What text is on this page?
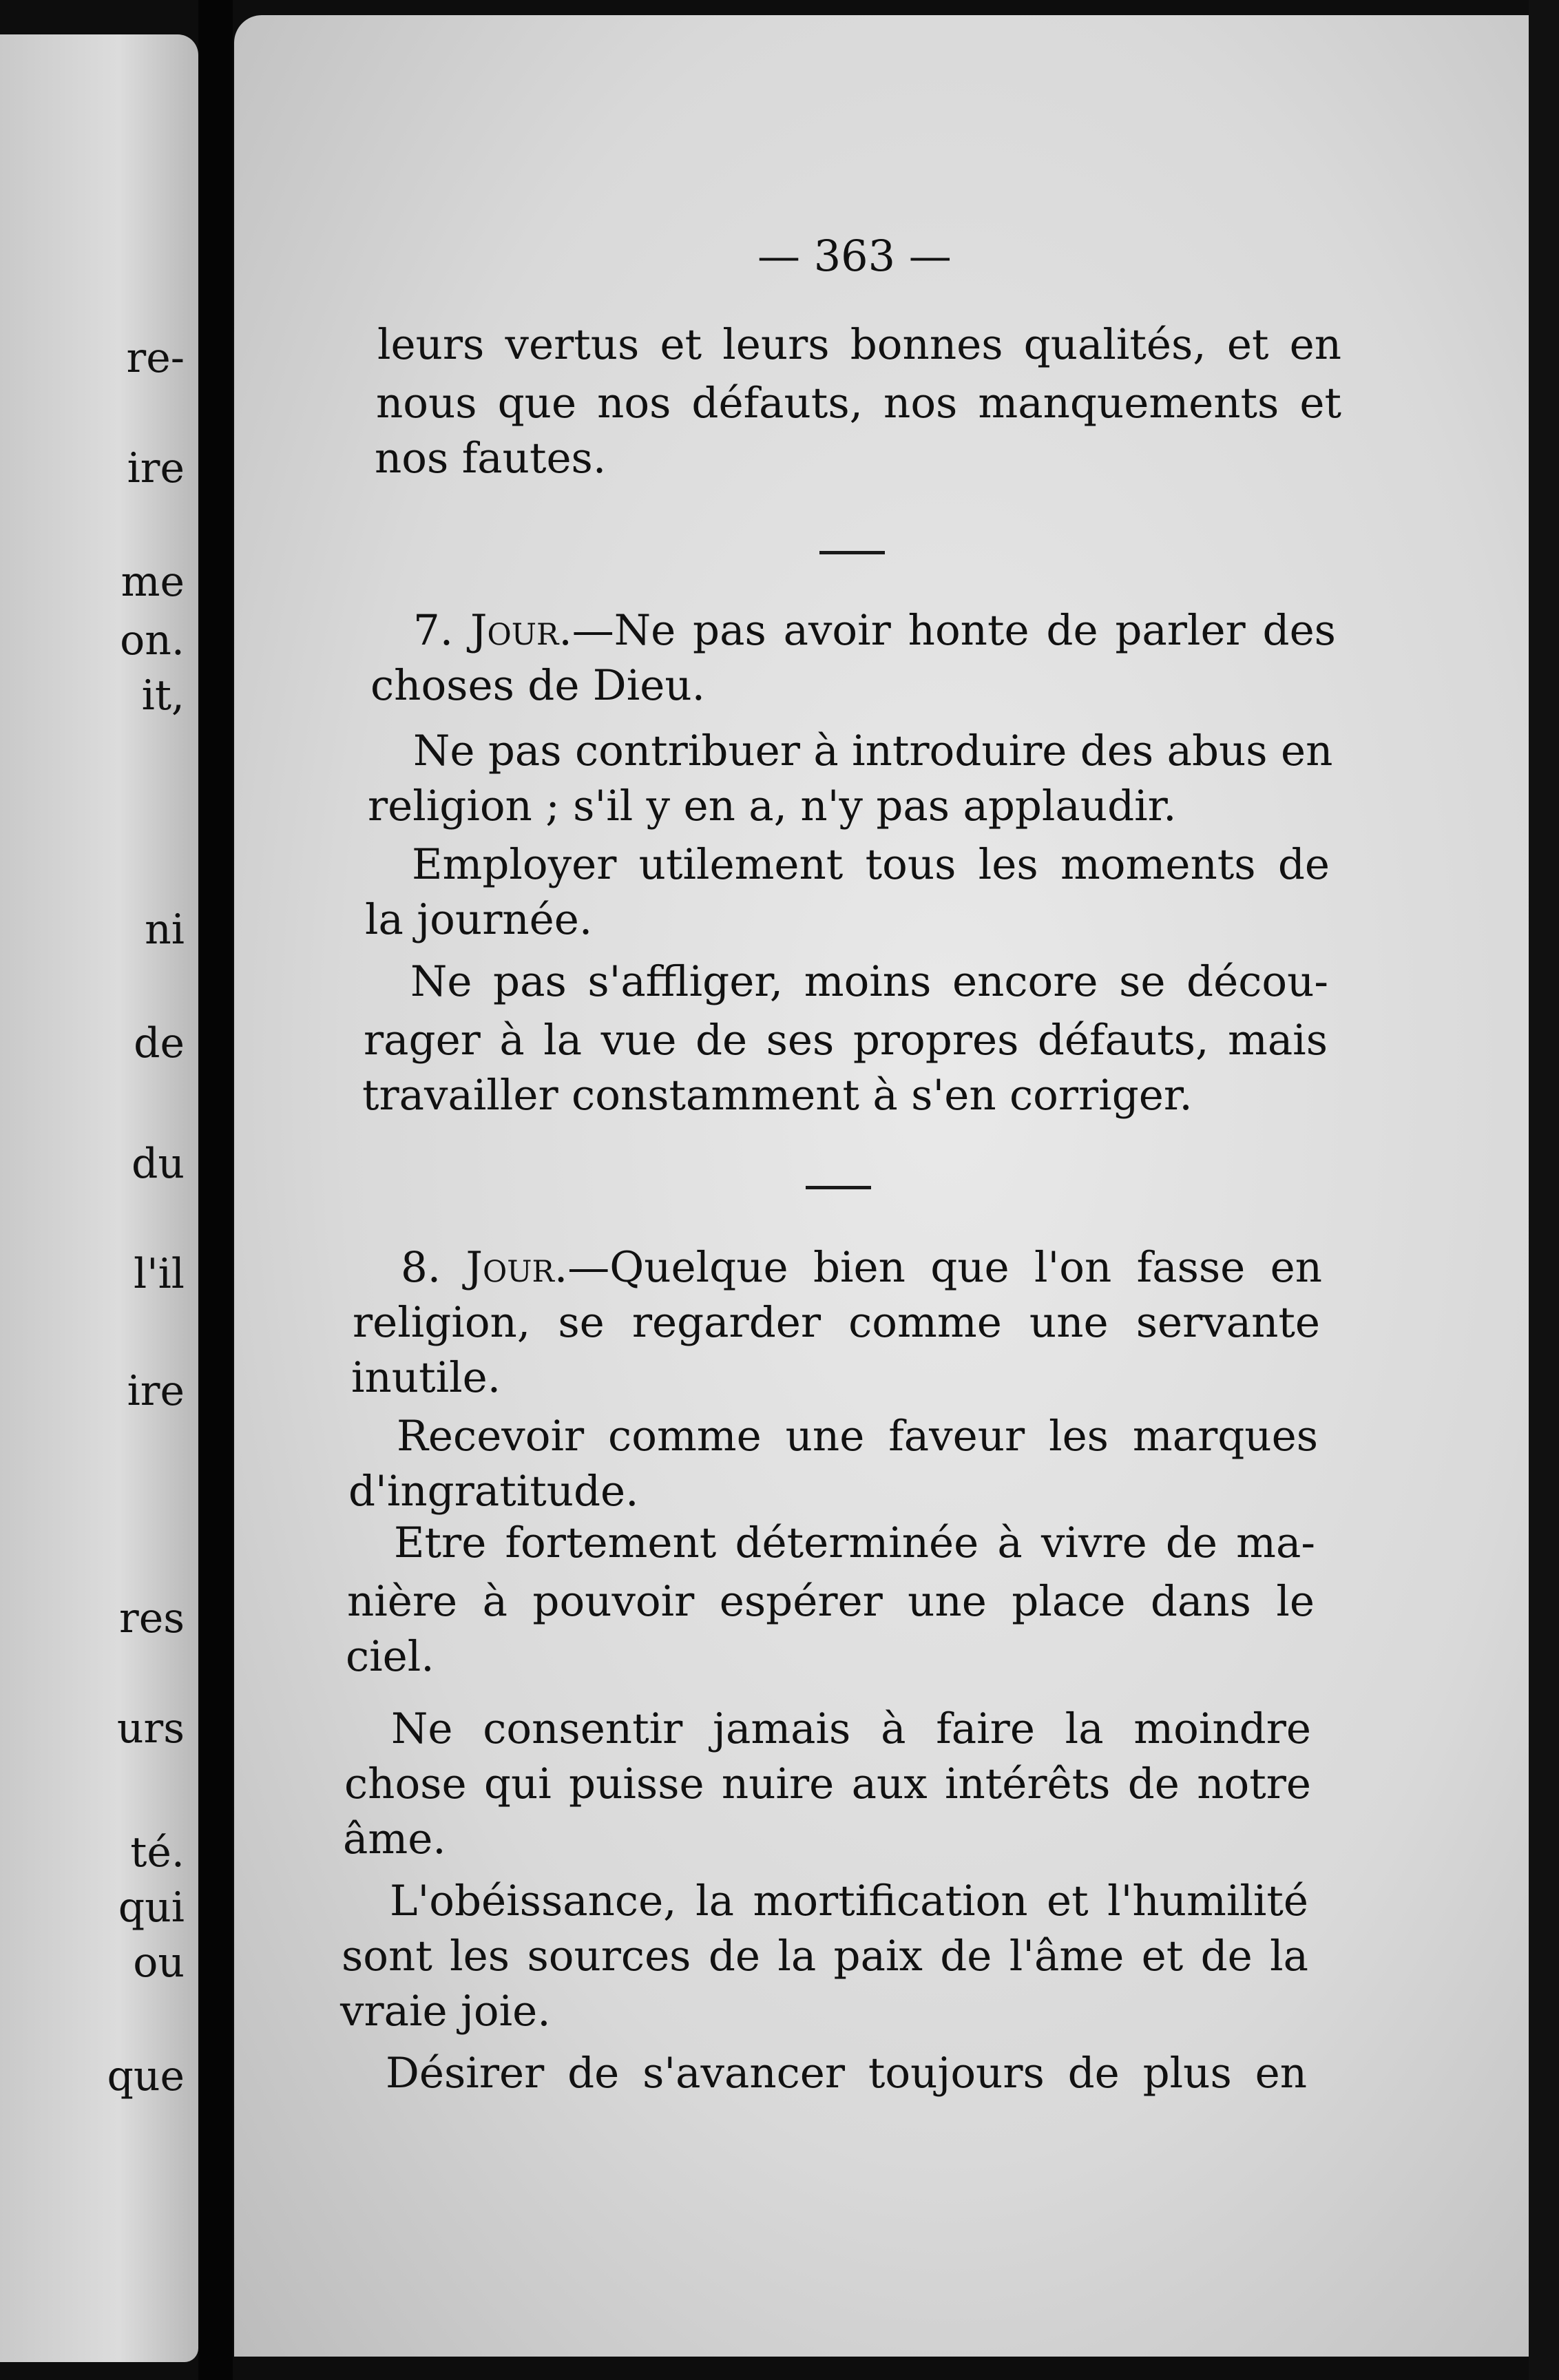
re-
ire
me
on.
it,
ni
de
du
l'il
ire
res
urs
té.
qui
ou
que
— 363 —
leurs vertus et leurs bonnes qualités, et en
nous que nos défauts, nos manquements et
nos fautes.
7. Jour.—Ne pas avoir honte de parler des
choses de Dieu.
Ne pas contribuer à introduire des abus en
religion ; s'il y en a, n'y pas applaudir.
Employer utilement tous les moments de
la journée.
Ne pas s'affliger, moins encore se décou-
rager à la vue de ses propres défauts, mais
travailler constamment à s'en corriger.
8. Jour.—Quelque bien que l'on fasse en
religion, se regarder comme une servante
inutile.
Recevoir comme une faveur les marques
d'ingratitude.
Etre fortement déterminée à vivre de ma-
nière à pouvoir espérer une place dans le
ciel.
Ne consentir jamais à faire la moindre
chose qui puisse nuire aux intérêts de notre
âme.
L'obéissance, la mortification et l'humilité
sont les sources de la paix de l'âme et de la
vraie joie.
Désirer de s'avancer toujours de plus en
